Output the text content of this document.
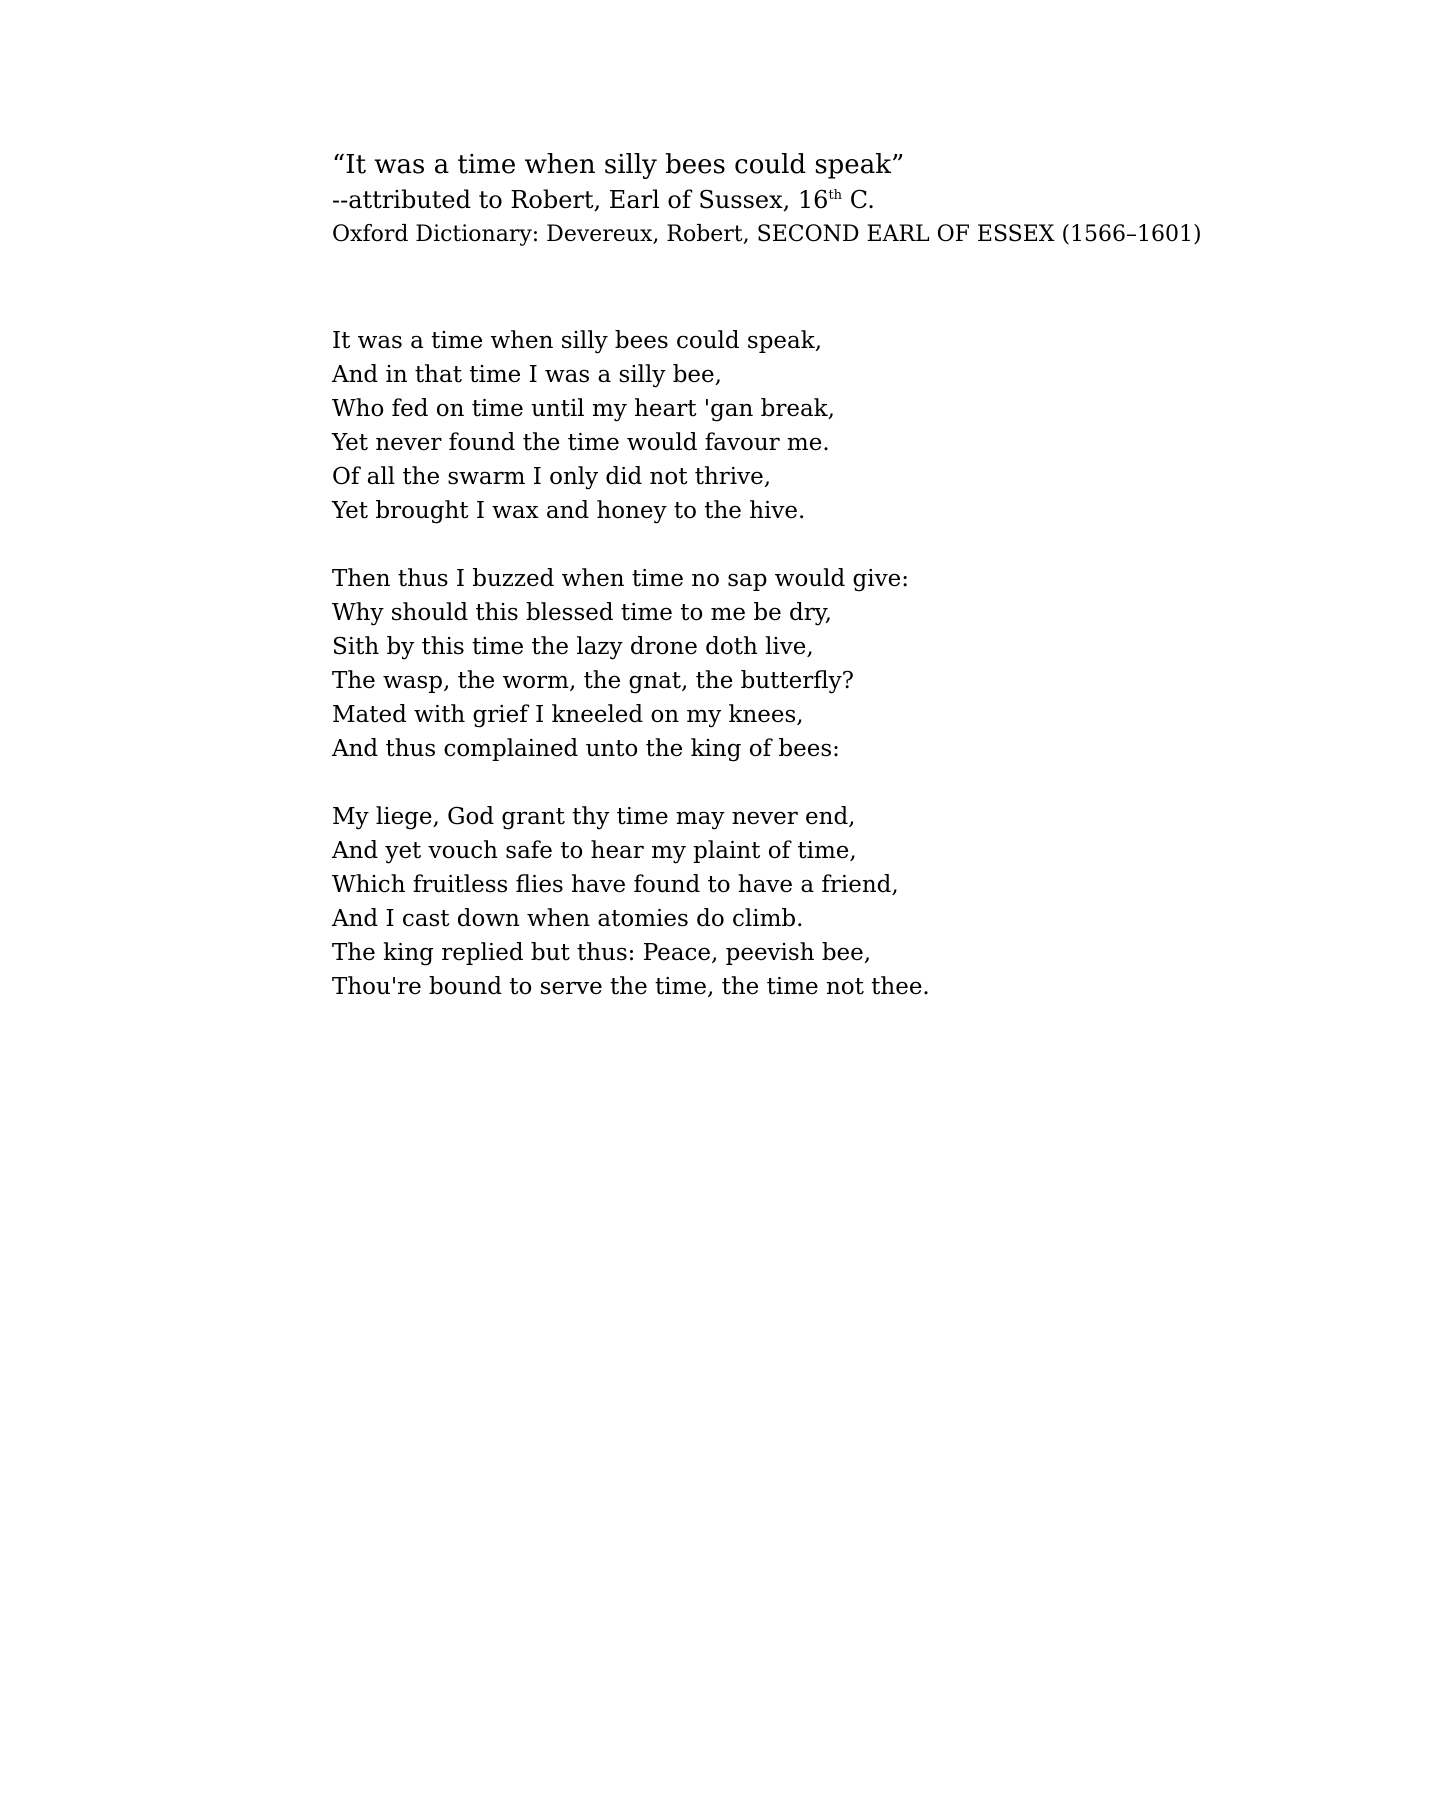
“It was a time when silly bees could speak”
--attributed to Robert, Earl of Sussex, 16th C.
Oxford Dictionary: Devereux, Robert, SECOND EARL OF ESSEX (1566–1601)
It was a time when silly bees could speak,
And in that time I was a silly bee,
Who fed on time until my heart 'gan break,
Yet never found the time would favour me.
Of all the swarm I only did not thrive,
Yet brought I wax and honey to the hive.
Then thus I buzzed when time no sap would give:
Why should this blessed time to me be dry,
Sith by this time the lazy drone doth live,
The wasp, the worm, the gnat, the butterfly?
Mated with grief I kneeled on my knees,
And thus complained unto the king of bees:
My liege, God grant thy time may never end,
And yet vouch safe to hear my plaint of time,
Which fruitless flies have found to have a friend,
And I cast down when atomies do climb.
The king replied but thus: Peace, peevish bee,
Thou're bound to serve the time, the time not thee.
